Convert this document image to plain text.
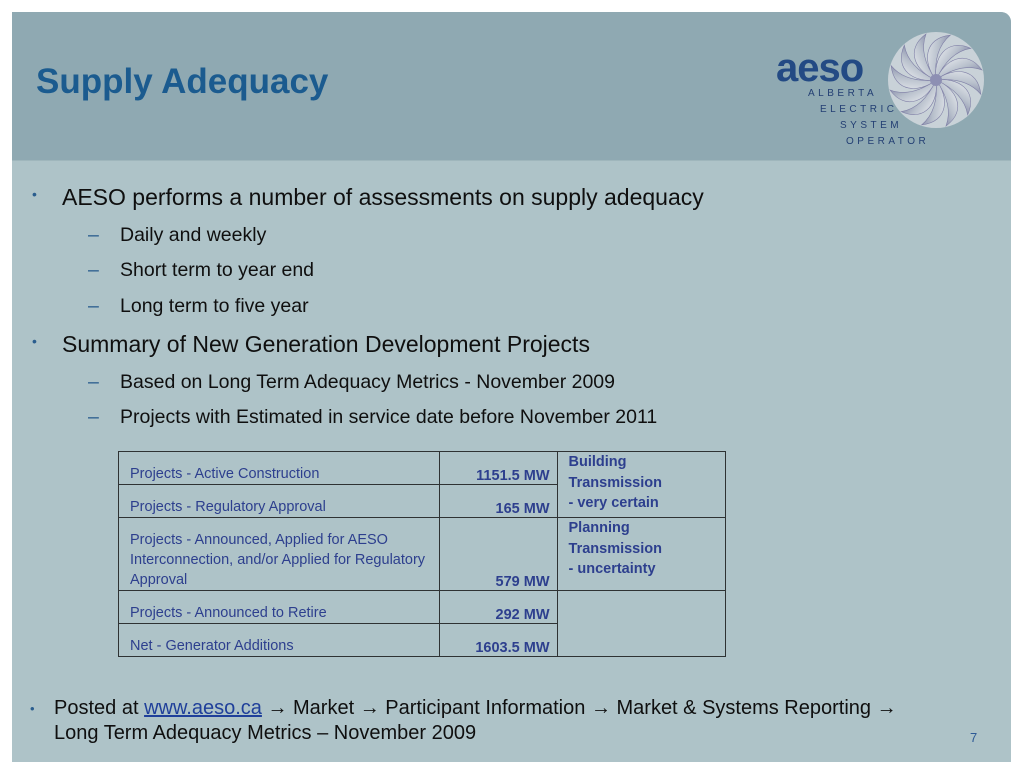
Supply Adequacy	aeso
ALBERTA
ELECTRIC
SYSTEM
OPERATOR
• AESO performs a number of assessments on supply adequacy
– Daily and weekly
– Short term to year end
– Long term to five year
• Summary of New Generation Development Projects
– Based on Long Term Adequacy Metrics - November 2009
– Projects with Estimated in service date before November 2011
Projects - Active Construction	1151.5 MW	Building
Transmission
- very certain

Projects - Regulatory Approval	165 MW	
Projects - Announced, Applied for AESO Interconnection, and/or Applied for Regulatory Approval	579 MW	Planning
Transmission
- uncertainty

Projects - Announced to Retire	292 MW	
Net - Generator Additions	1603.5 MW	
• Posted at www.aeso.ca → Market → Participant Information → Market & Systems Reporting → Long Term Adequacy Metrics – November 2009	7
